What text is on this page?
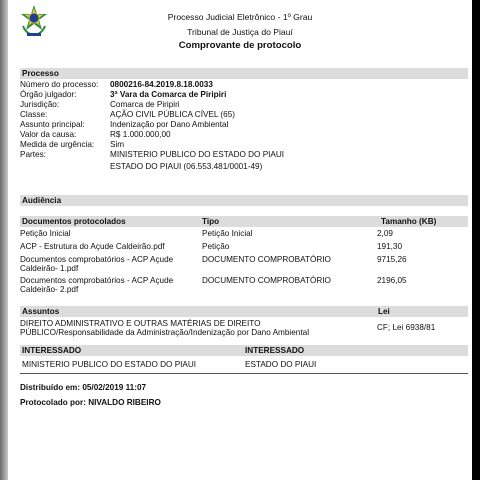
Processo Judicial Eletrônico - 1º Grau
Tribunal de Justiça do Piauí
Comprovante de protocolo
Processo
Número do processo: 0800216-84.2019.8.18.0033
Órgão julgador:	3ª Vara da Comarca de Piripiri
Jurisdição:	Comarca de Piripiri
Classe:	AÇÃO CIVIL PÚBLICA CÍVEL (65)
Assunto principal:	Indenização por Dano Ambiental
Valor da causa:	R$ 1.000.000,00
Medida de urgência: Sim
Partes:	MINISTERIO PUBLICO DO ESTADO DO PIAUI
ESTADO DO PIAUI (06.553.481/0001-49)
Audiência
Documentos protocolados	Tipo	Tamanho (KB)
Petição Inicial	Petição Inicial	2,09
ACP - Estrutura do Açude Caldeirão.pdf	Petição	191,30
Documentos comprobatórios - ACP Açude
Caldeirão- 1.pdf
DOCUMENTO COMPROBATÓRIO	9715,26
Documentos comprobatórios - ACP Açude
Caldeirão- 2.pdf
DOCUMENTO COMPROBATÓRIO	2196,05
Assuntos	Lei
DIREITO ADMINISTRATIVO E OUTRAS MATÉRIAS DE DIREITO
PÚBLICO/Responsabilidade da Administração/Indenização por Dano Ambiental
CF; Lei 6938/81
INTERESSADO	INTERESSADO
MINISTERIO PUBLICO DO ESTADO DO PIAUI	ESTADO DO PIAUI
Distribuído em: 05/02/2019 11:07
Protocolado por: NIVALDO RIBEIRO
